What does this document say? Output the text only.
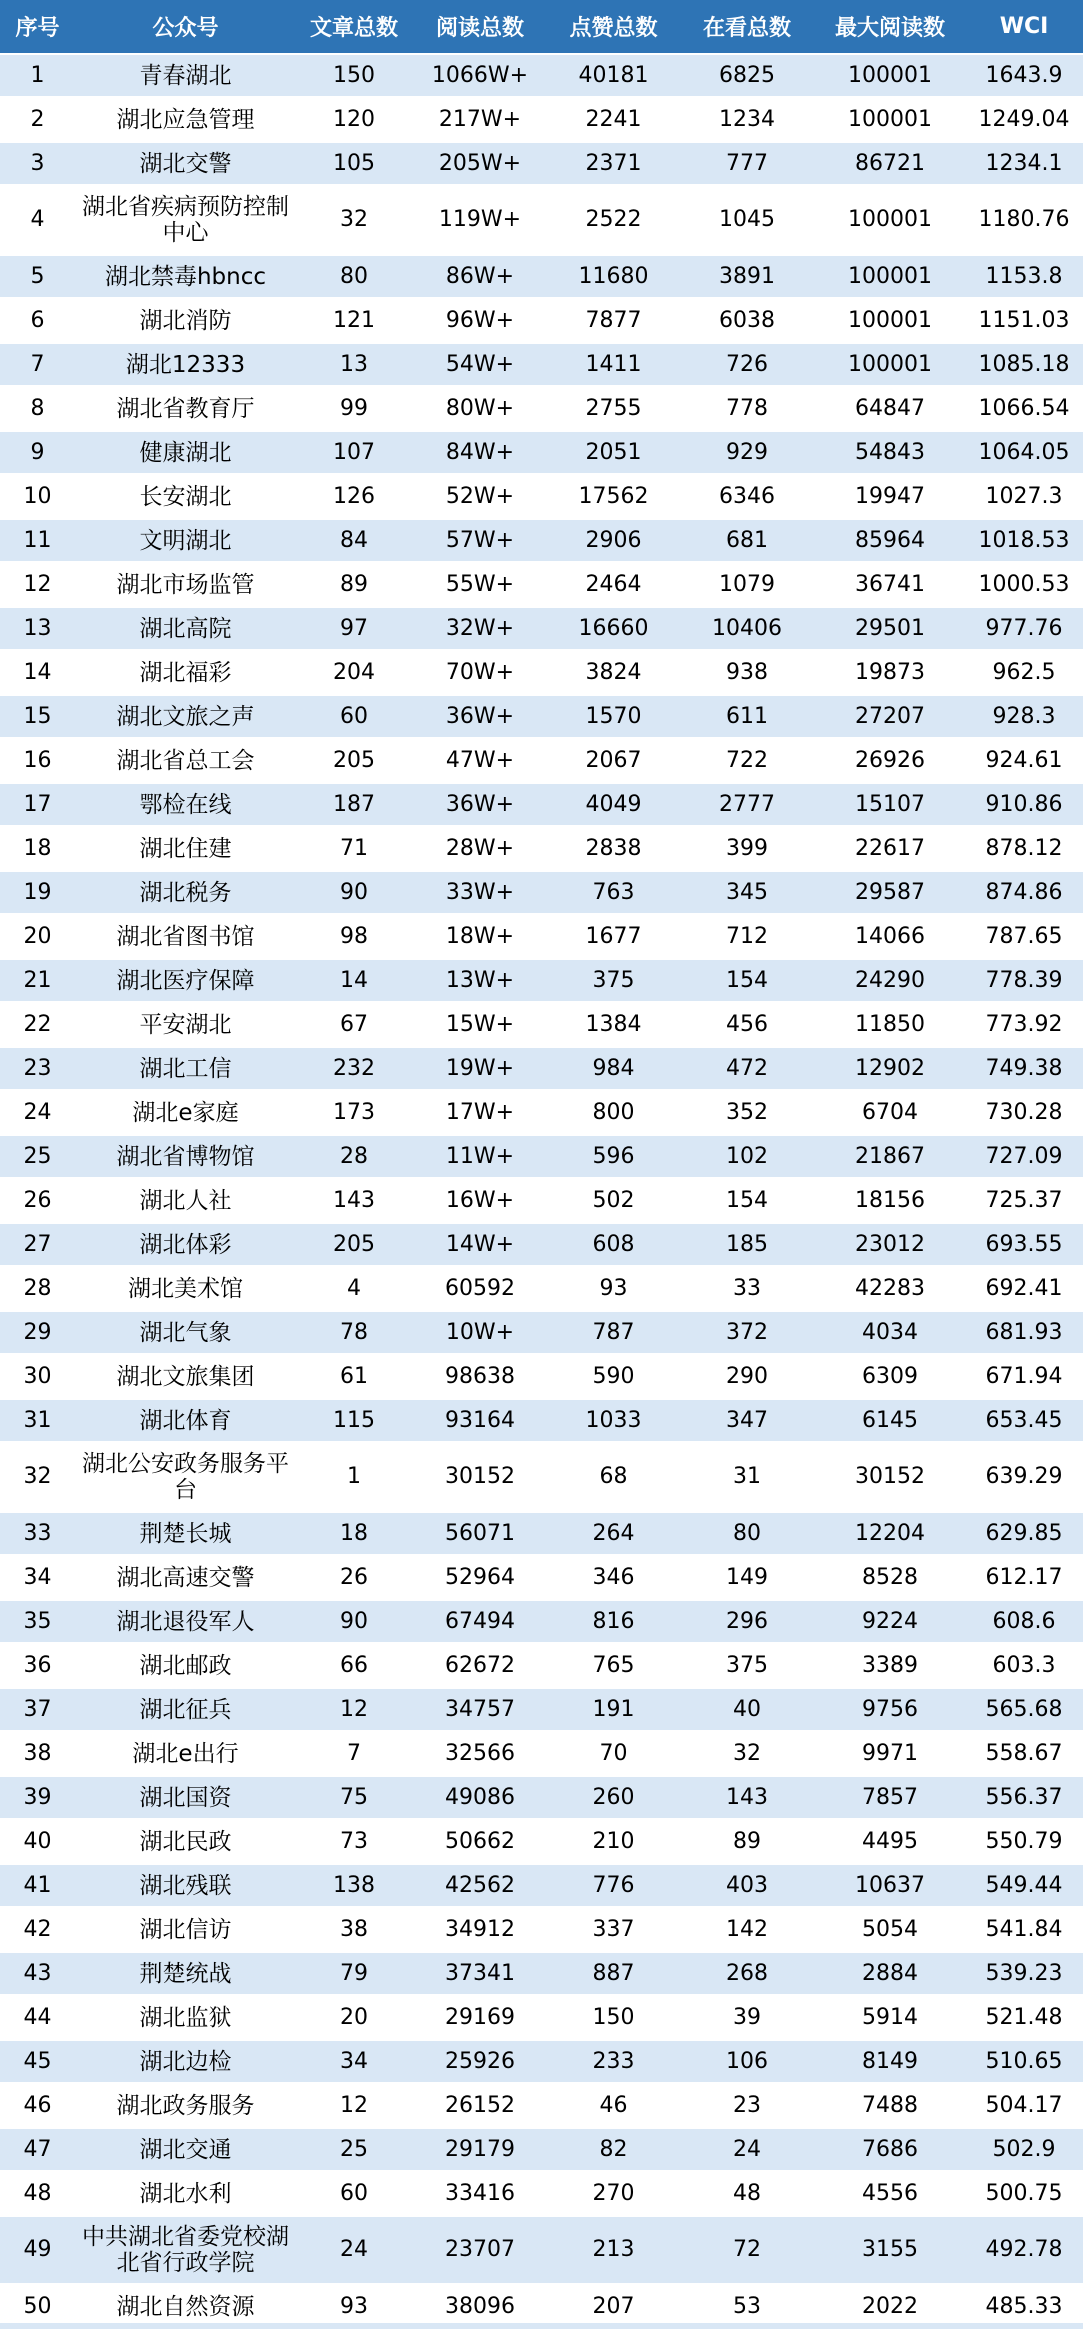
序号	公众号	文章总数	阅读总数	点赞总数	在看总数	最大阅读数	WCI
1	青春湖北	150	1066W+	40181	6825	100001	1643.9
2	湖北应急管理	120	217W+	2241	1234	100001	1249.04
3	湖北交警	105	205W+	2371	777	86721	1234.1
4	湖北省疾病预防控制中心	32	119W+	2522	1045	100001	1180.76
5	湖北禁毒hbncc	80	86W+	11680	3891	100001	1153.8
6	湖北消防	121	96W+	7877	6038	100001	1151.03
7	湖北12333	13	54W+	1411	726	100001	1085.18
8	湖北省教育厅	99	80W+	2755	778	64847	1066.54
9	健康湖北	107	84W+	2051	929	54843	1064.05
10	长安湖北	126	52W+	17562	6346	19947	1027.3
11	文明湖北	84	57W+	2906	681	85964	1018.53
12	湖北市场监管	89	55W+	2464	1079	36741	1000.53
13	湖北高院	97	32W+	16660	10406	29501	977.76
14	湖北福彩	204	70W+	3824	938	19873	962.5
15	湖北文旅之声	60	36W+	1570	611	27207	928.3
16	湖北省总工会	205	47W+	2067	722	26926	924.61
17	鄂检在线	187	36W+	4049	2777	15107	910.86
18	湖北住建	71	28W+	2838	399	22617	878.12
19	湖北税务	90	33W+	763	345	29587	874.86
20	湖北省图书馆	98	18W+	1677	712	14066	787.65
21	湖北医疗保障	14	13W+	375	154	24290	778.39
22	平安湖北	67	15W+	1384	456	11850	773.92
23	湖北工信	232	19W+	984	472	12902	749.38
24	湖北e家庭	173	17W+	800	352	6704	730.28
25	湖北省博物馆	28	11W+	596	102	21867	727.09
26	湖北人社	143	16W+	502	154	18156	725.37
27	湖北体彩	205	14W+	608	185	23012	693.55
28	湖北美术馆	4	60592	93	33	42283	692.41
29	湖北气象	78	10W+	787	372	4034	681.93
30	湖北文旅集团	61	98638	590	290	6309	671.94
31	湖北体育	115	93164	1033	347	6145	653.45
32	湖北公安政务服务平台	1	30152	68	31	30152	639.29
33	荆楚长城	18	56071	264	80	12204	629.85
34	湖北高速交警	26	52964	346	149	8528	612.17
35	湖北退役军人	90	67494	816	296	9224	608.6
36	湖北邮政	66	62672	765	375	3389	603.3
37	湖北征兵	12	34757	191	40	9756	565.68
38	湖北e出行	7	32566	70	32	9971	558.67
39	湖北国资	75	49086	260	143	7857	556.37
40	湖北民政	73	50662	210	89	4495	550.79
41	湖北残联	138	42562	776	403	10637	549.44
42	湖北信访	38	34912	337	142	5054	541.84
43	荆楚统战	79	37341	887	268	2884	539.23
44	湖北监狱	20	29169	150	39	5914	521.48
45	湖北边检	34	25926	233	106	8149	510.65
46	湖北政务服务	12	26152	46	23	7488	504.17
47	湖北交通	25	29179	82	24	7686	502.9
48	湖北水利	60	33416	270	48	4556	500.75
49	中共湖北省委党校湖北省行政学院	24	23707	213	72	3155	492.78
50	湖北自然资源	93	38096	207	53	2022	485.33
